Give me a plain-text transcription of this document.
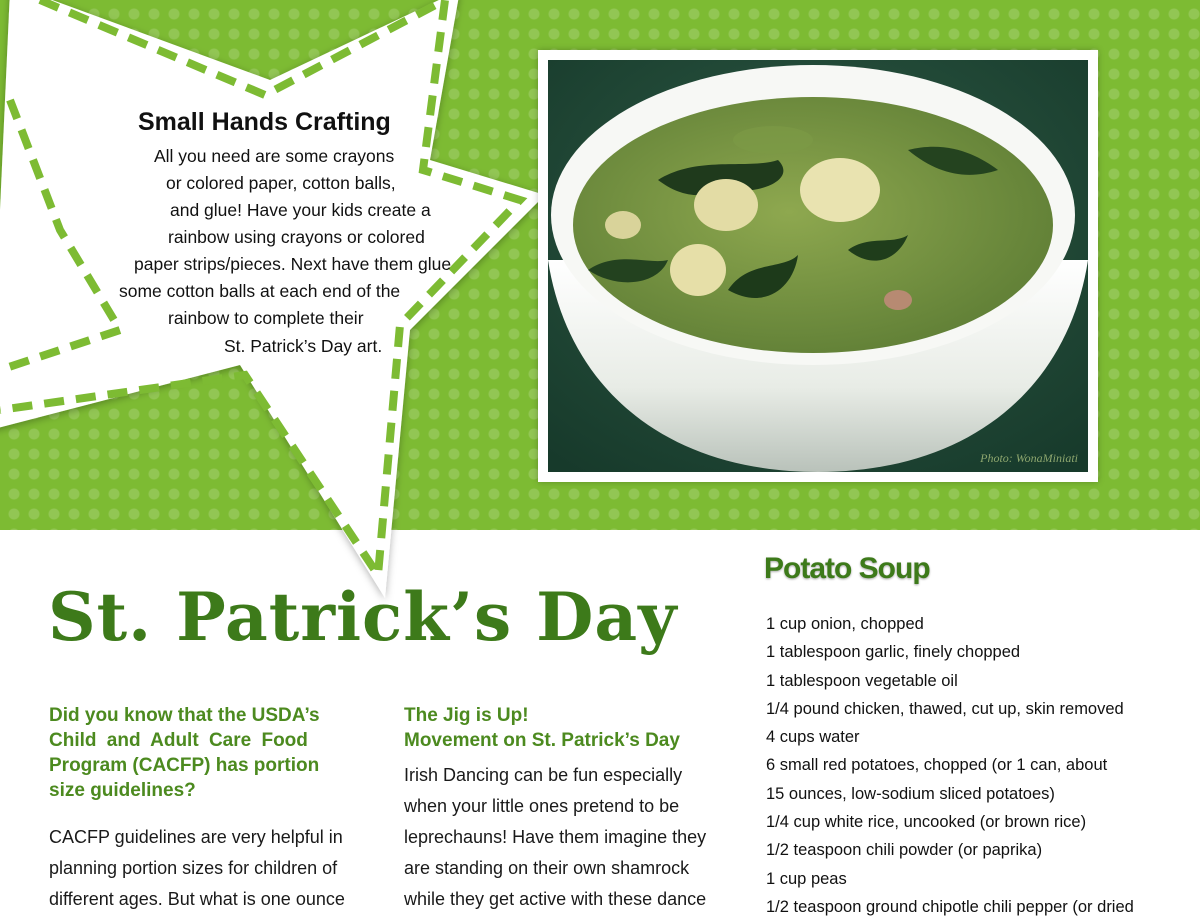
Small Hands Crafting
All you need are some crayons
or colored paper, cotton balls,
and glue! Have your kids create a
rainbow using crayons or colored
paper strips/pieces. Next have them glue
some cotton balls at each end of the
rainbow to complete their
St. Patrick’s Day art.
Photo: WonaMiniati
St. Patrick’s Day
Did you know that the USDA’s
Child and Adult Care Food
Program (CACFP) has portion
size guidelines?
CACFP guidelines are very helpful in
planning portion sizes for children of
different ages. But what is one ounce
The Jig is Up!
Movement on St. Patrick’s Day
Irish Dancing can be fun especially
when your little ones pretend to be
leprechauns! Have them imagine they
are standing on their own shamrock
while they get active with these dance
Potato Soup
1 cup onion, chopped
1 tablespoon garlic, finely chopped
1 tablespoon vegetable oil
1/4 pound chicken, thawed, cut up, skin removed
4 cups water
6 small red potatoes, chopped (or 1 can, about
15 ounces, low-sodium sliced potatoes)
1/4 cup white rice, uncooked (or brown rice)
1/2 teaspoon chili powder (or paprika)
1 cup peas
1/2 teaspoon ground chipotle chili pepper (or dried
